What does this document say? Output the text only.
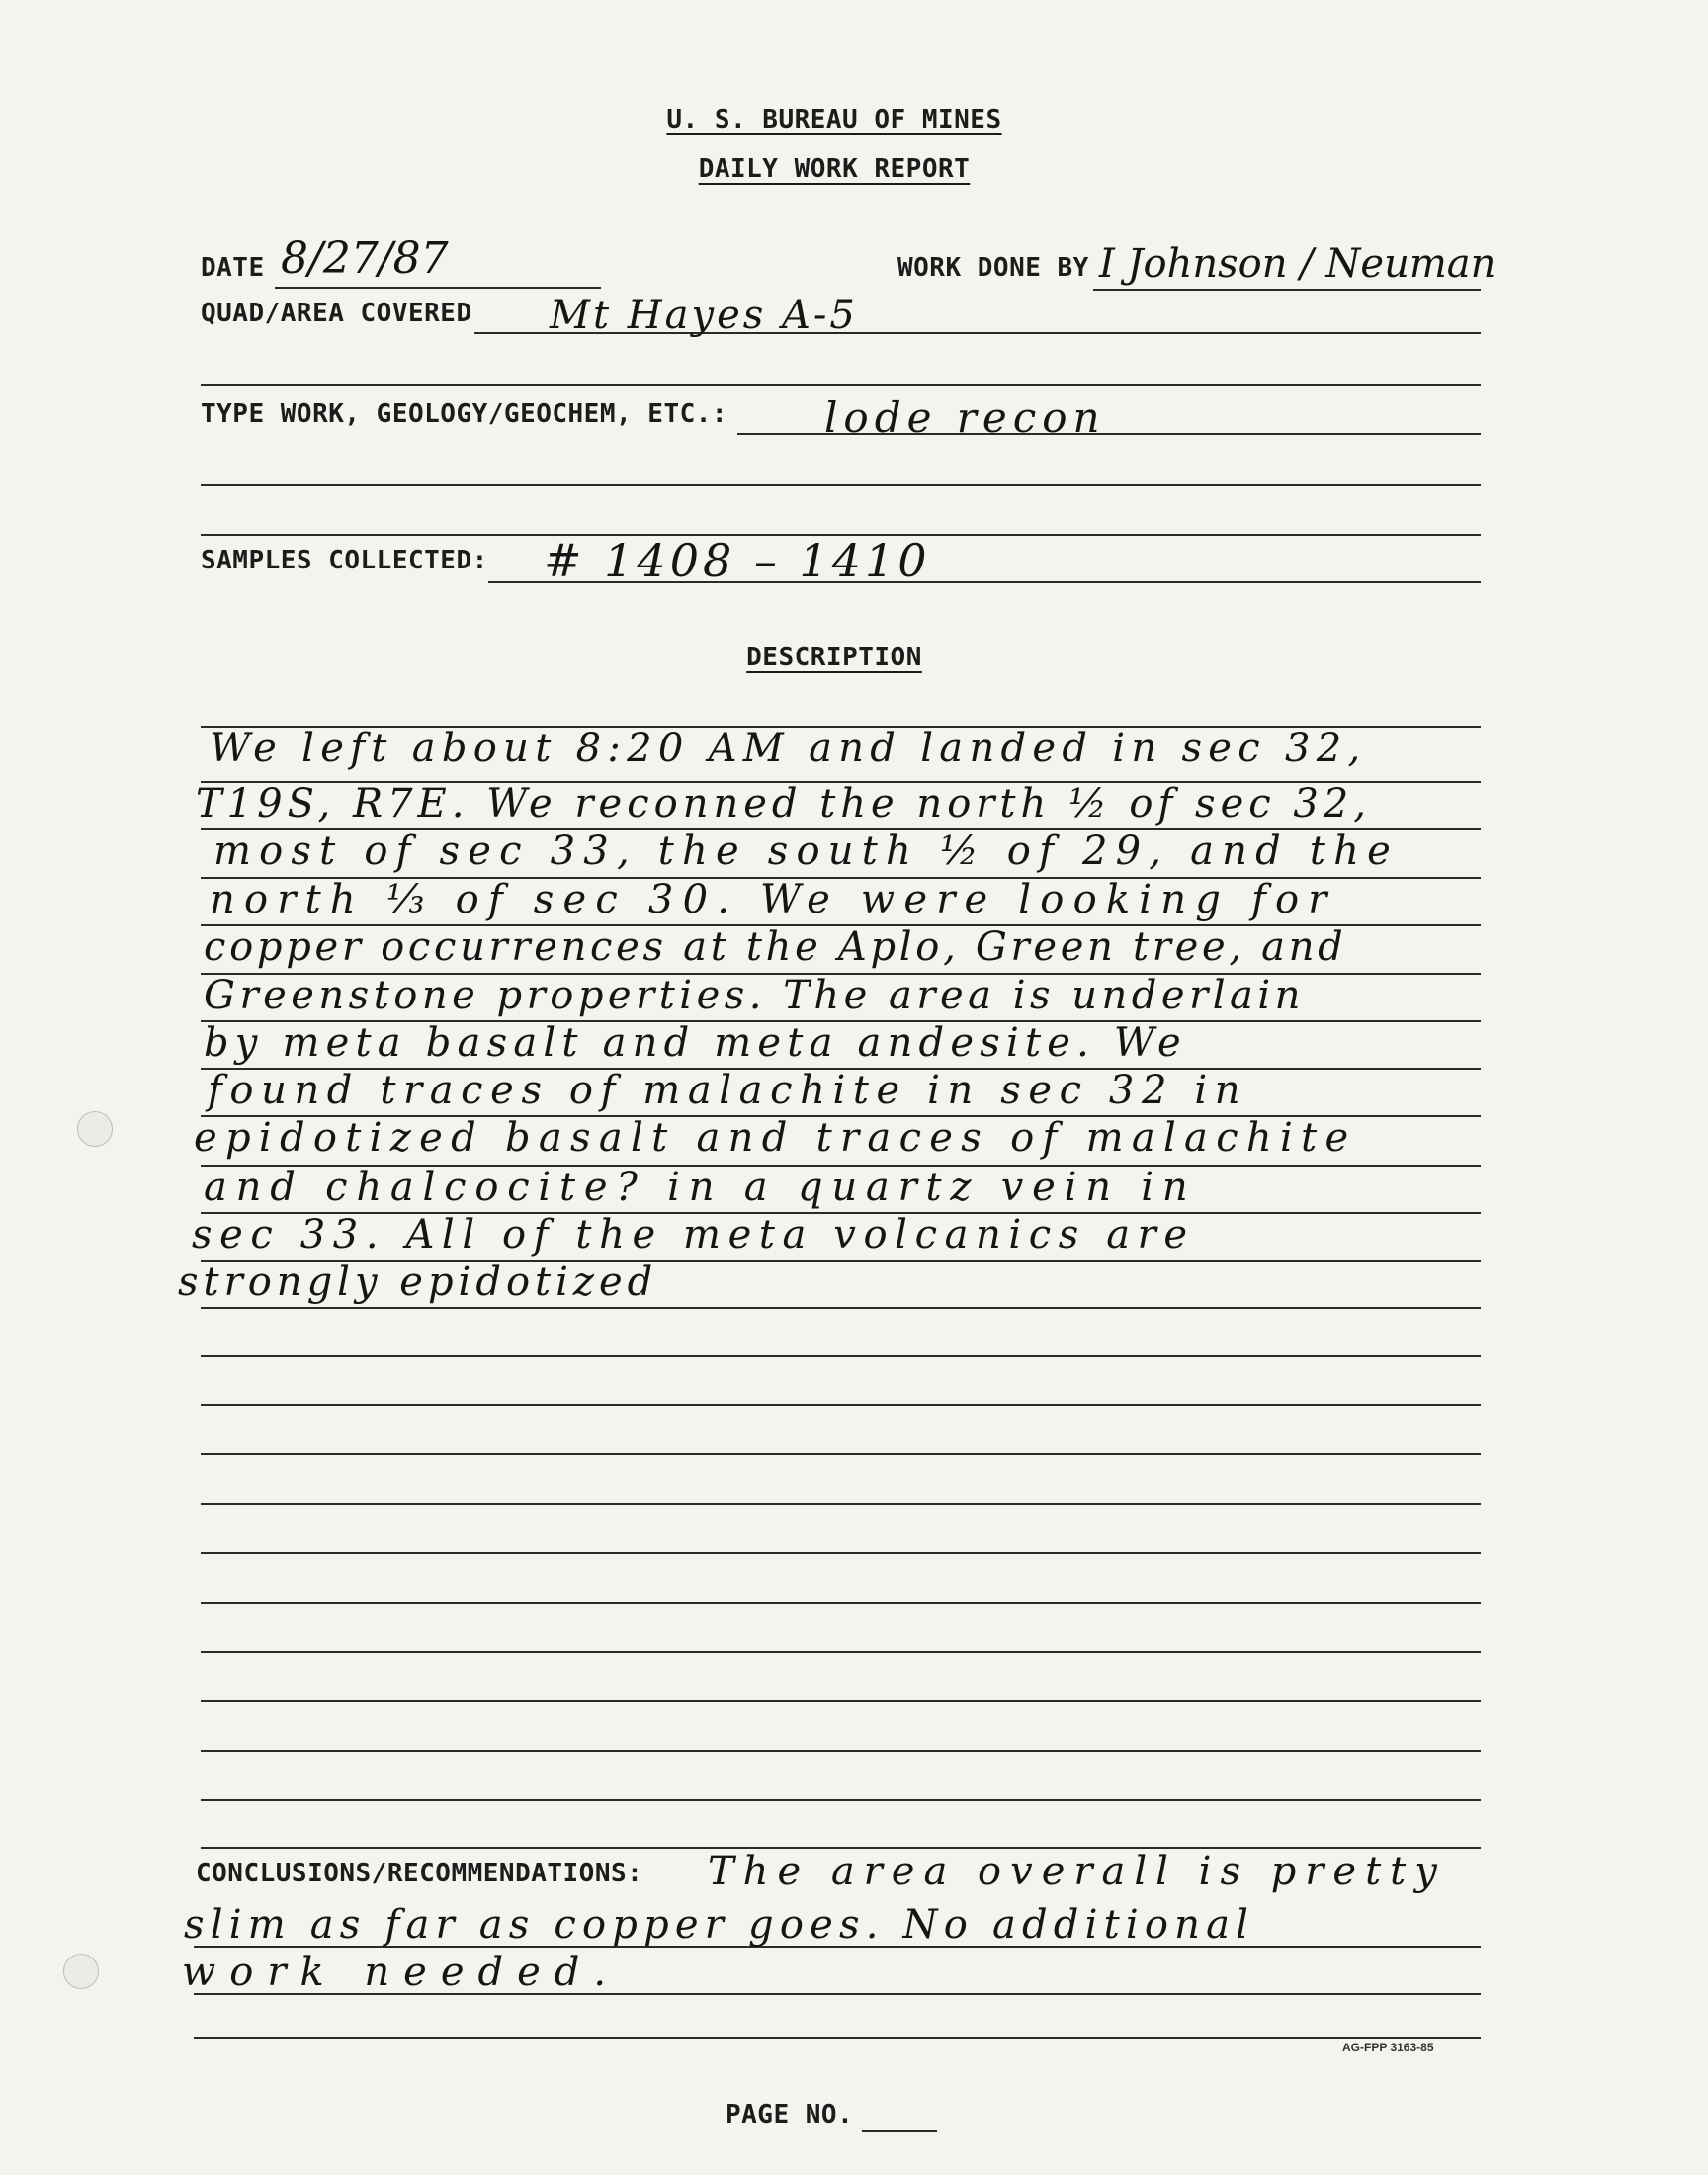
U. S. BUREAU OF MINES
DAILY WORK REPORT
DATE 8/27/87	WORK DONE BY I Johnson / Neuman
QUAD/AREA COVERED Mt Hayes A-5
TYPE WORK, GEOLOGY/GEOCHEM, ETC.: lode recon
SAMPLES COLLECTED: # 1408 – 1410
DESCRIPTION
We left about 8:20 AM and landed in sec 32,
T19S, R7E. We reconned the north ½ of sec 32,
most of sec 33, the south ½ of 29, and the
north ⅓ of sec 30. We were looking for
copper occurrences at the Aplo, Green tree, and
Greenstone properties. The area is underlain
by meta basalt and meta andesite. We
found traces of malachite in sec 32 in
epidotized basalt and traces of malachite
and chalcocite? in a quartz vein in
sec 33. All of the meta volcanics are
strongly epidotized
CONCLUSIONS/RECOMMENDATIONS: The area overall is pretty
slim as far as copper goes. No additional
work needed.
AG-FPP 3163-85
PAGE NO.
